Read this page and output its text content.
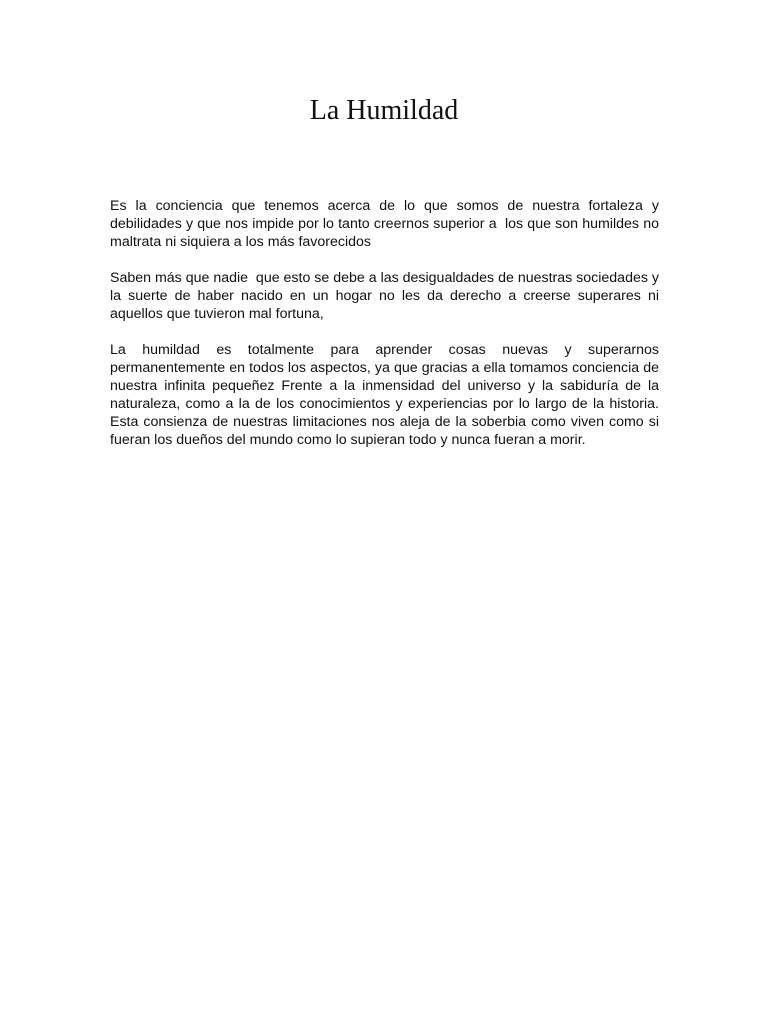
La Humildad

Es la conciencia que tenemos acerca de lo que somos de nuestra fortaleza y debilidades y que nos impide por lo tanto creernos superior a  los que son humildes no maltrata ni siquiera a los más favorecidos

Saben más que nadie  que esto se debe a las desigualdades de nuestras sociedades y la suerte de haber nacido en un hogar no les da derecho a creerse superares ni aquellos que tuvieron mal fortuna,

La humildad es totalmente para aprender cosas nuevas y superarnos permanentemente en todos los aspectos, ya que gracias a ella tomamos conciencia de nuestra infinita pequeñez Frente a la inmensidad del universo y la sabiduría de la naturaleza, como a la de los conocimientos y experiencias por lo largo de la historia.  Esta consienza de nuestras limitaciones nos aleja de la soberbia como viven como si fueran los dueños del mundo como lo supieran todo y nunca fueran a morir.
